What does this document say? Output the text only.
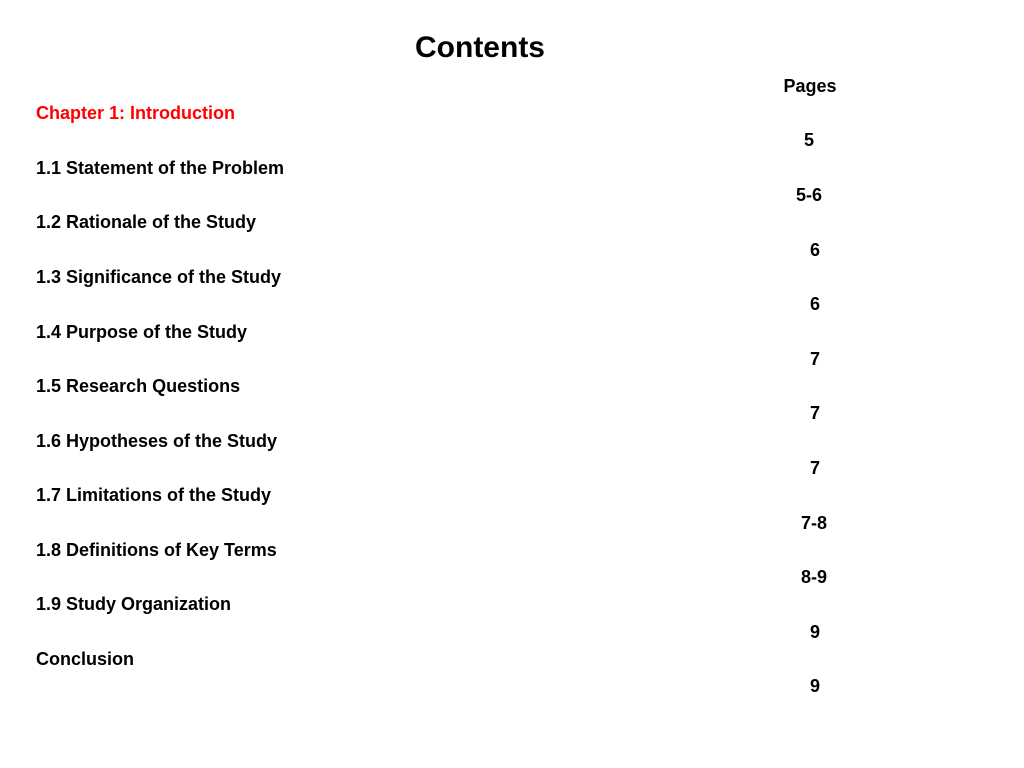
Contents
Pages
Chapter 1: Introduction
5
1.1 Statement of the Problem
5-6
1.2 Rationale of the Study
6
1.3 Significance of the Study
6
1.4 Purpose of the Study
7
1.5 Research Questions
7
1.6 Hypotheses of the Study
7
1.7 Limitations of the Study
7-8
1.8 Definitions of Key Terms
8-9
1.9 Study Organization
9
Conclusion
9
